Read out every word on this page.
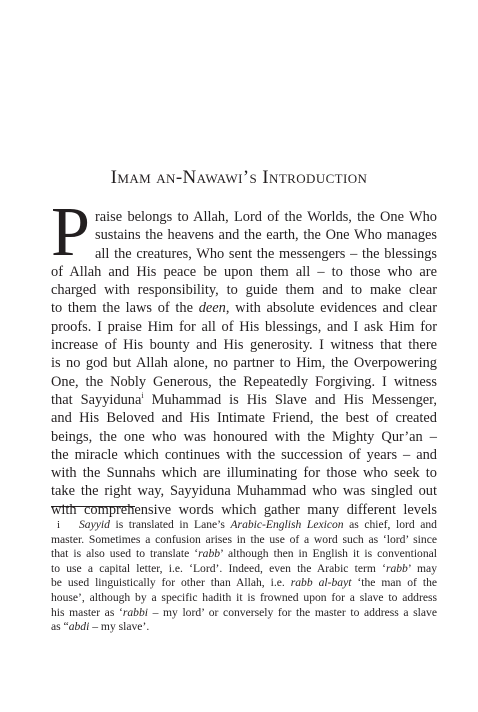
Imam an-Nawawi’s Introduction
P raise belongs to Allah, Lord of the Worlds, the One Who
sustains the heavens and the earth, the One Who manages
all the creatures, Who sent the messengers – the blessings
of Allah and His peace be upon them all – to those who are
charged with responsibility, to guide them and to make clear
to them the laws of the deen, with absolute evidences and clear
proofs. I praise Him for all of His blessings, and I ask Him for
increase of His bounty and His generosity. I witness that there
is no god but Allah alone, no partner to Him, the Overpowering
One, the Nobly Generous, the Repeatedly Forgiving. I witness
that Sayyiduna$^i$ Muhammad is His Slave and His Messenger,
and His Beloved and His Intimate Friend, the best of created
beings, the one who was honoured with the Mighty Qur’an –
the miracle which continues with the succession of years – and
with the Sunnahs which are illuminating for those who seek to
take the right way, Sayyiduna Muhammad who was singled out
with comprehensive words which gather many different levels
i	Sayyid is translated in Lane’s Arabic-English Lexicon as chief, lord and
master. Sometimes a confusion arises in the use of a word such as ‘lord’ since
that is also used to translate ‘rabb’ although then in English it is conventional
to use a capital letter, i.e. ‘Lord’. Indeed, even the Arabic term ‘rabb’ may
be used linguistically for other than Allah, i.e. rabb al-bayt ‘the man of the
house’, although by a specific hadith it is frowned upon for a slave to address
his master as ‘rabbi – my lord’ or conversely for the master to address a slave
as “abdi – my slave’.
